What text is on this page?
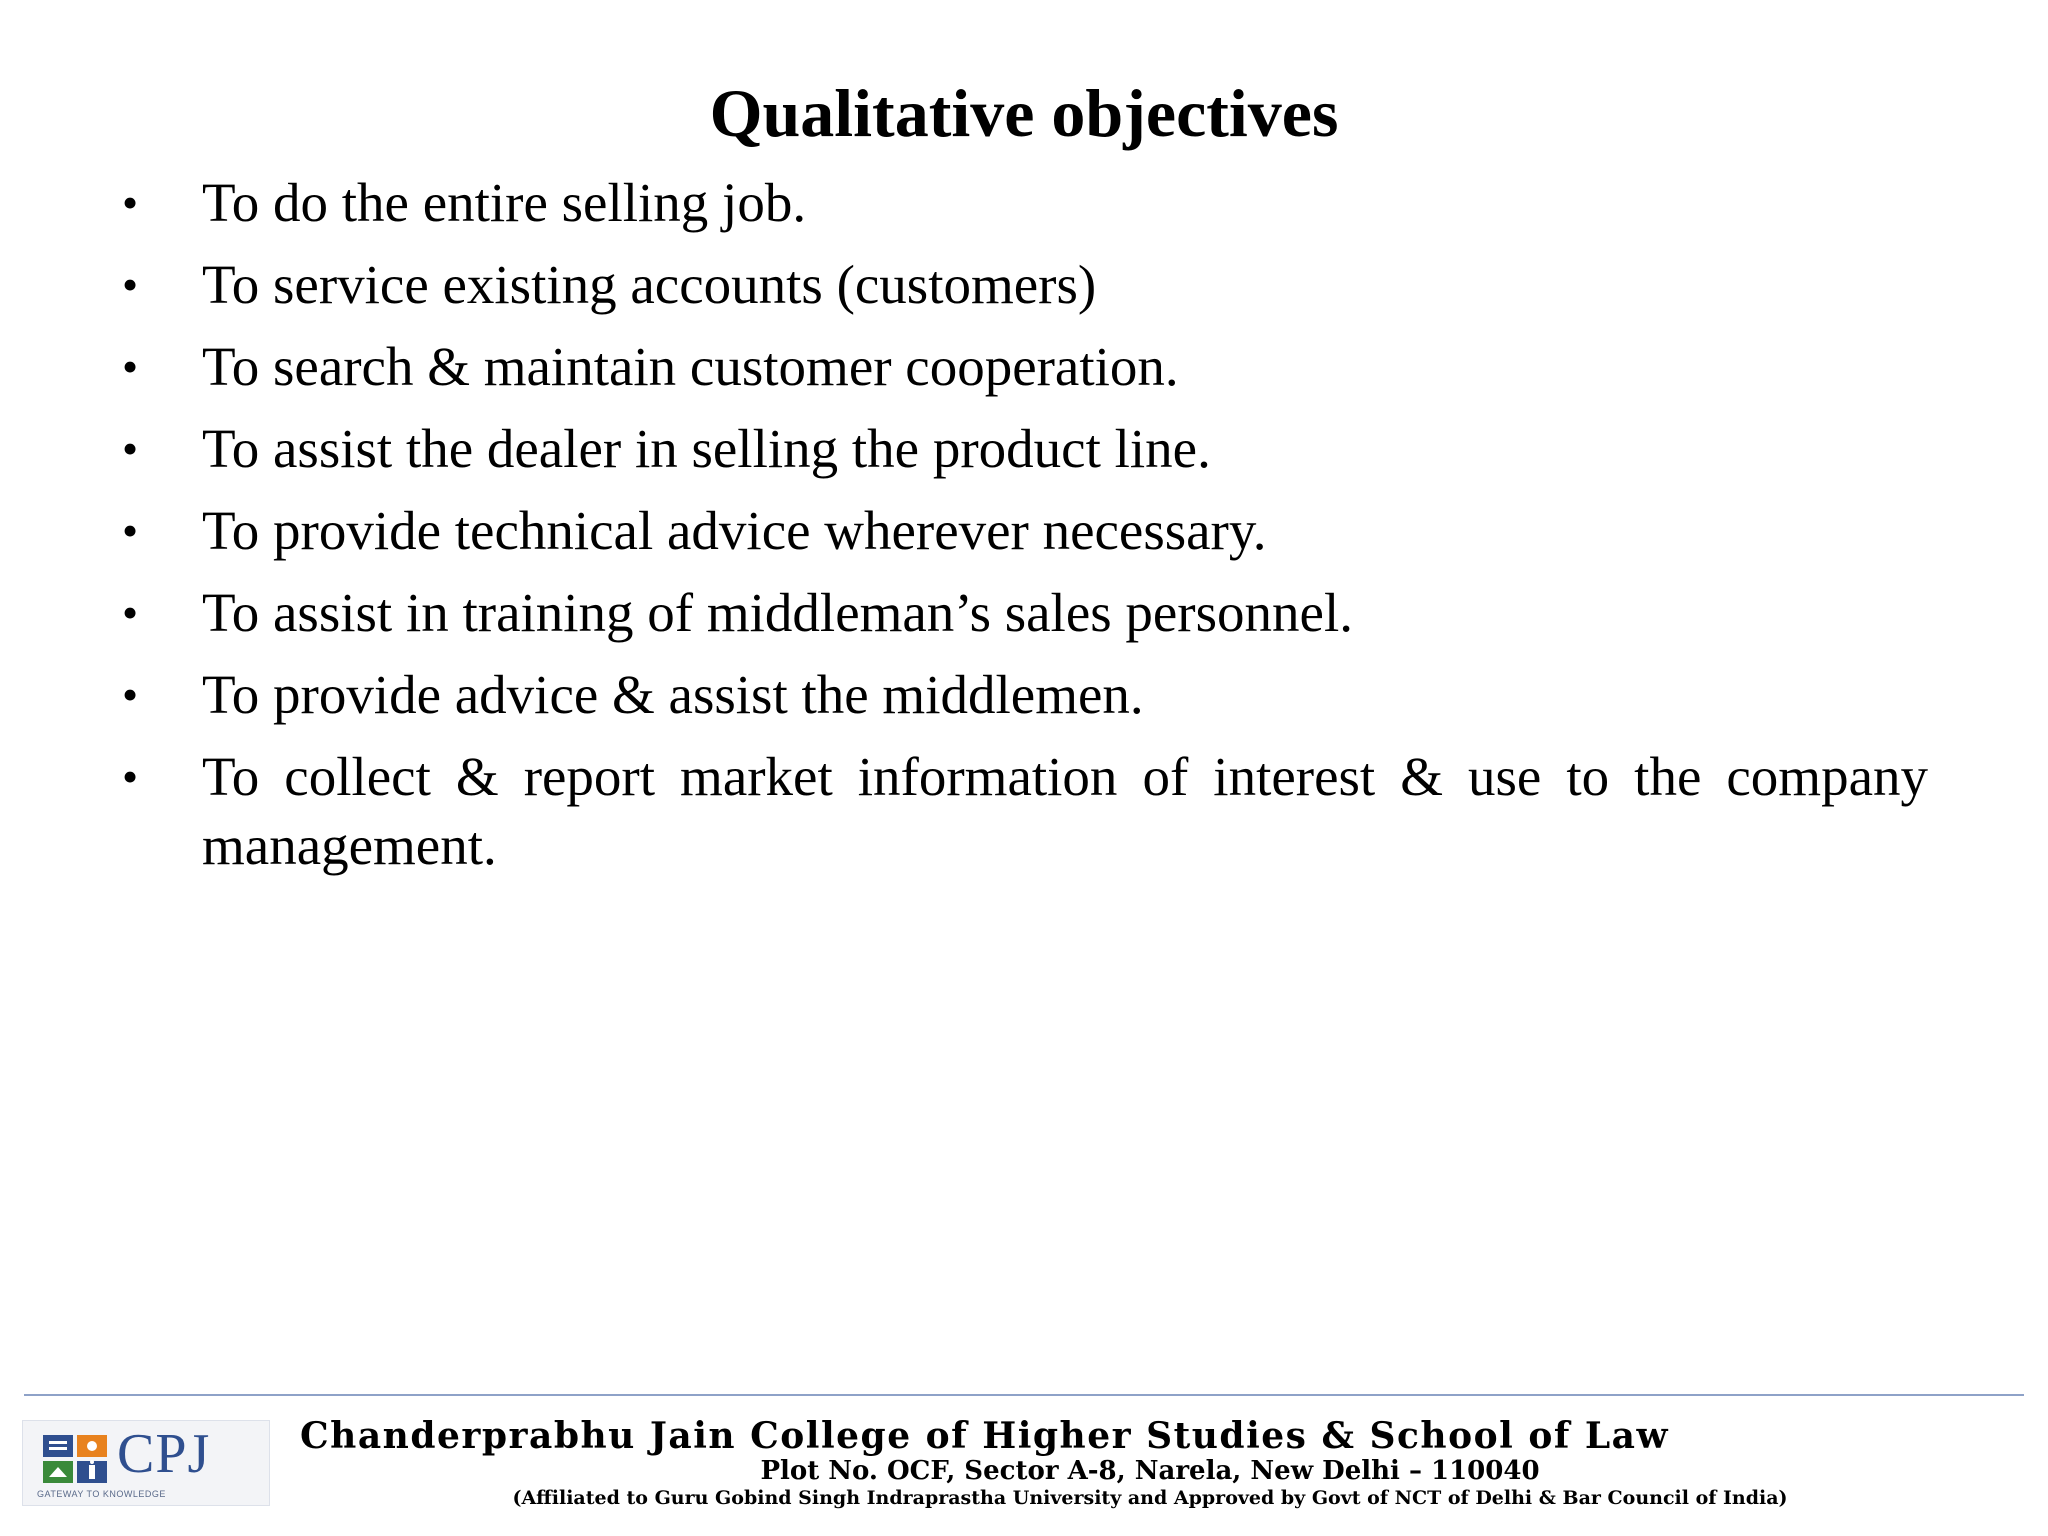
Qualitative objectives
• To do the entire selling job.
• To service existing accounts (customers)
• To search & maintain customer cooperation.
• To assist the dealer in selling the product line.
• To provide technical advice wherever necessary.
• To assist in training of middleman’s sales personnel.
• To provide advice & assist the middlemen.
• To collect & report market information of interest & use to the company management.
CPJ
GATEWAY TO KNOWLEDGE
Chanderprabhu Jain College of Higher Studies & School of Law
Plot No. OCF, Sector A-8, Narela, New Delhi – 110040
(Affiliated to Guru Gobind Singh Indraprastha University and Approved by Govt of NCT of Delhi & Bar Council of India)
